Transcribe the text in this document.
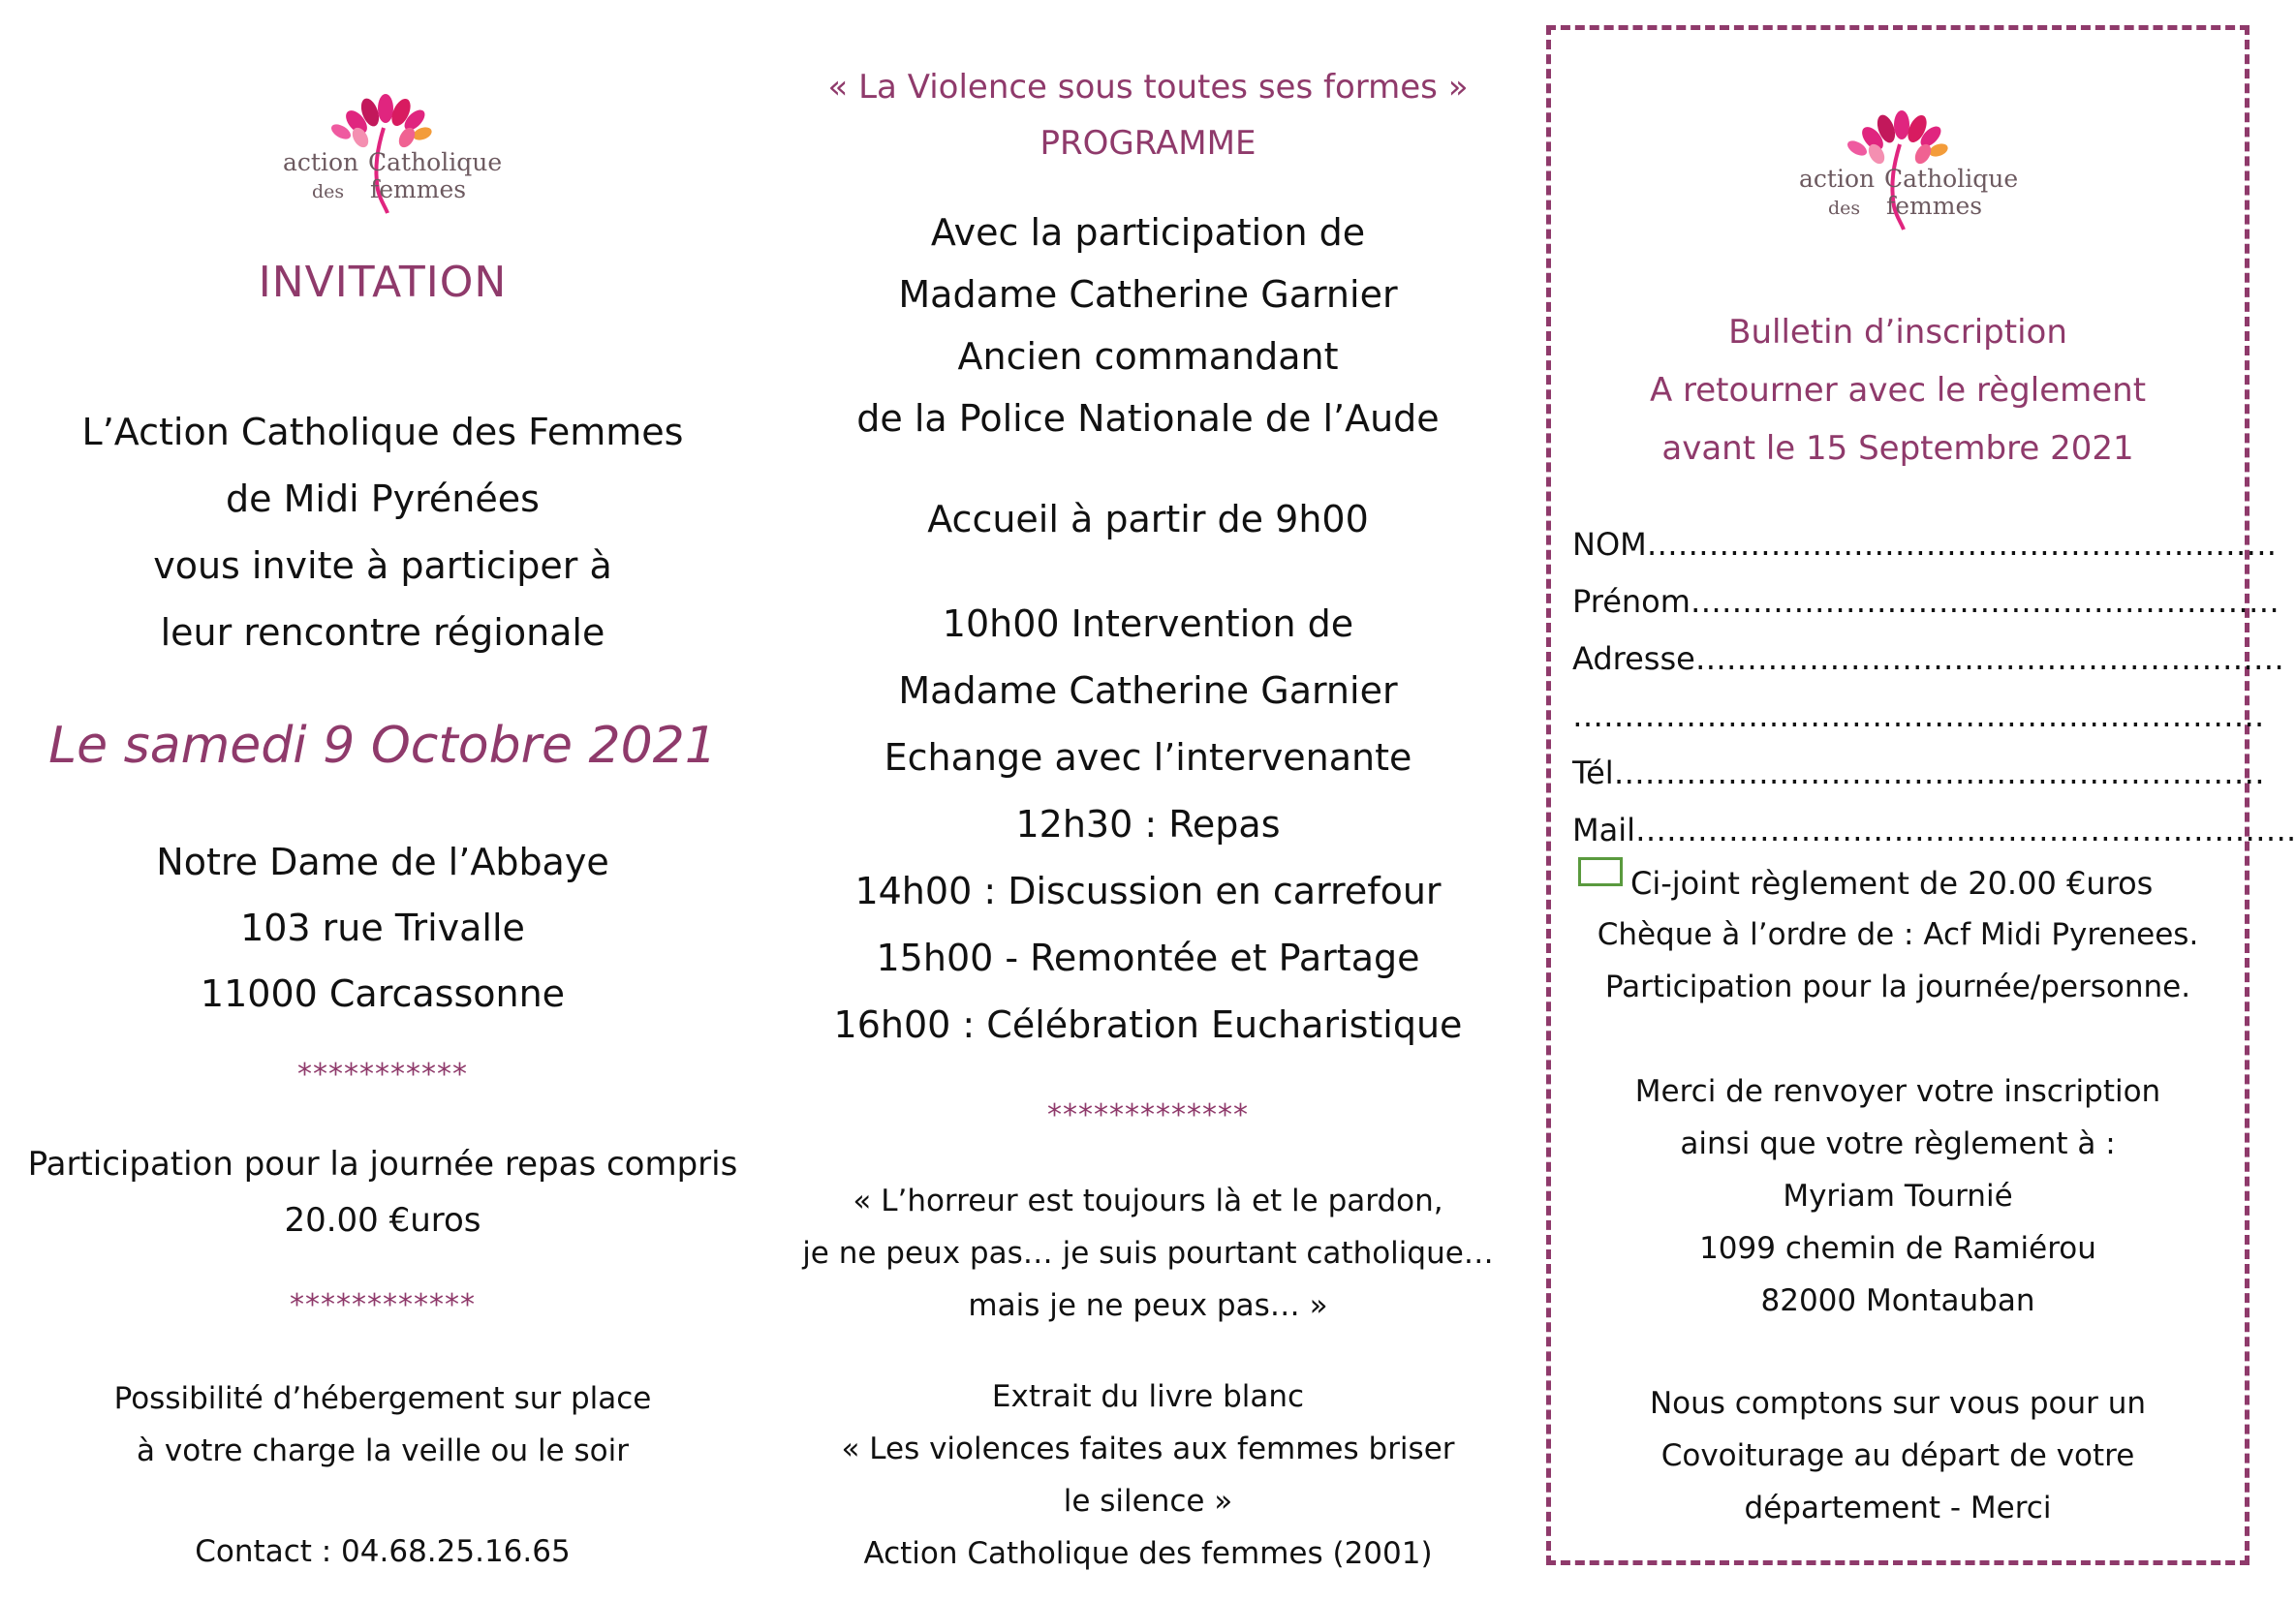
action Catholique
des femmes
INVITATION
L’Action Catholique des Femmes
de Midi Pyrénées
vous invite à participer à
leur rencontre régionale
Le samedi 9 Octobre 2021
Notre Dame de l’Abbaye
103 rue Trivalle
11000 Carcassonne
***********
Participation pour la journée repas compris
20.00 €uros
************
Possibilité d’hébergement sur place
à votre charge la veille ou le soir
Contact : 04.68.25.16.65
« La Violence sous toutes ses formes »
PROGRAMME
Avec la participation de
Madame Catherine Garnier
Ancien commandant
de la Police Nationale de l’Aude
Accueil à partir de 9h00
10h00 Intervention de
Madame Catherine Garnier
Echange avec l’intervenante
12h30 : Repas
14h00 : Discussion en carrefour
15h00 - Remontée et Partage
16h00 : Célébration Eucharistique
*************
« L’horreur est toujours là et le pardon,
je ne peux pas… je suis pourtant catholique…
mais je ne peux pas… »
Extrait du livre blanc
« Les violences faites aux femmes briser
le silence »
Action Catholique des femmes (2001)
action Catholique
des femmes
Bulletin d’inscription
A retourner avec le règlement
avant le 15 Septembre 2021
NOM…………………………………………………….
Prénom…………………………………………………
Adresse…………………………………………………
………………………………………………………….
Tél………………………………………………………
Mail……………………………………………………….
Ci-joint règlement de 20.00 €uros
Chèque à l’ordre de : Acf Midi Pyrenees.
Participation pour la journée/personne.
Merci de renvoyer votre inscription
ainsi que votre règlement à :
Myriam Tournié
1099 chemin de Ramiérou
82000 Montauban
Nous comptons sur vous pour un
Covoiturage au départ de votre
département - Merci
